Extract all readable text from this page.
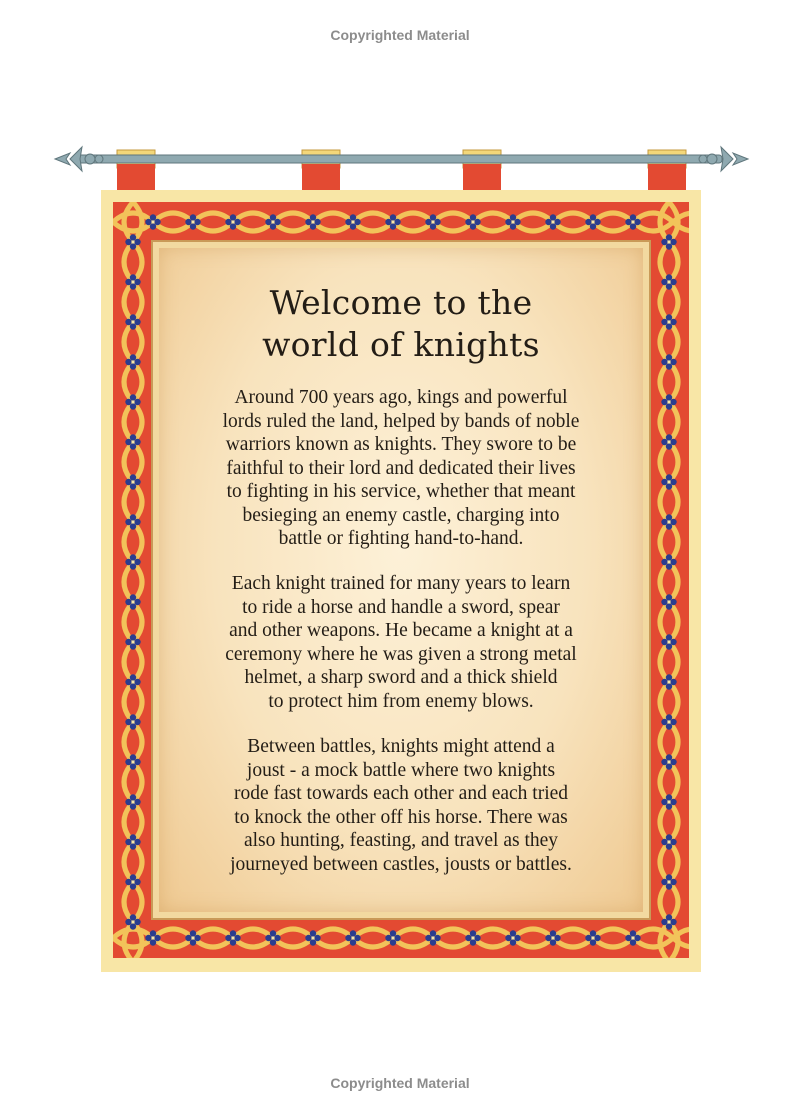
Copyrighted Material
Welcome to the
world of knights

Around 700 years ago, kings and powerful
lords ruled the land, helped by bands of noble
warriors known as knights. They swore to be
faithful to their lord and dedicated their lives
to fighting in his service, whether that meant
besieging an enemy castle, charging into
battle or fighting hand-to-hand.

Each knight trained for many years to learn
to ride a horse and handle a sword, spear
and other weapons. He became a knight at a
ceremony where he was given a strong metal
helmet, a sharp sword and a thick shield
to protect him from enemy blows.

Between battles, knights might attend a
joust - a mock battle where two knights
rode fast towards each other and each tried
to knock the other off his horse. There was
also hunting, feasting, and travel as they
journeyed between castles, jousts or battles.

Copyrighted Material
